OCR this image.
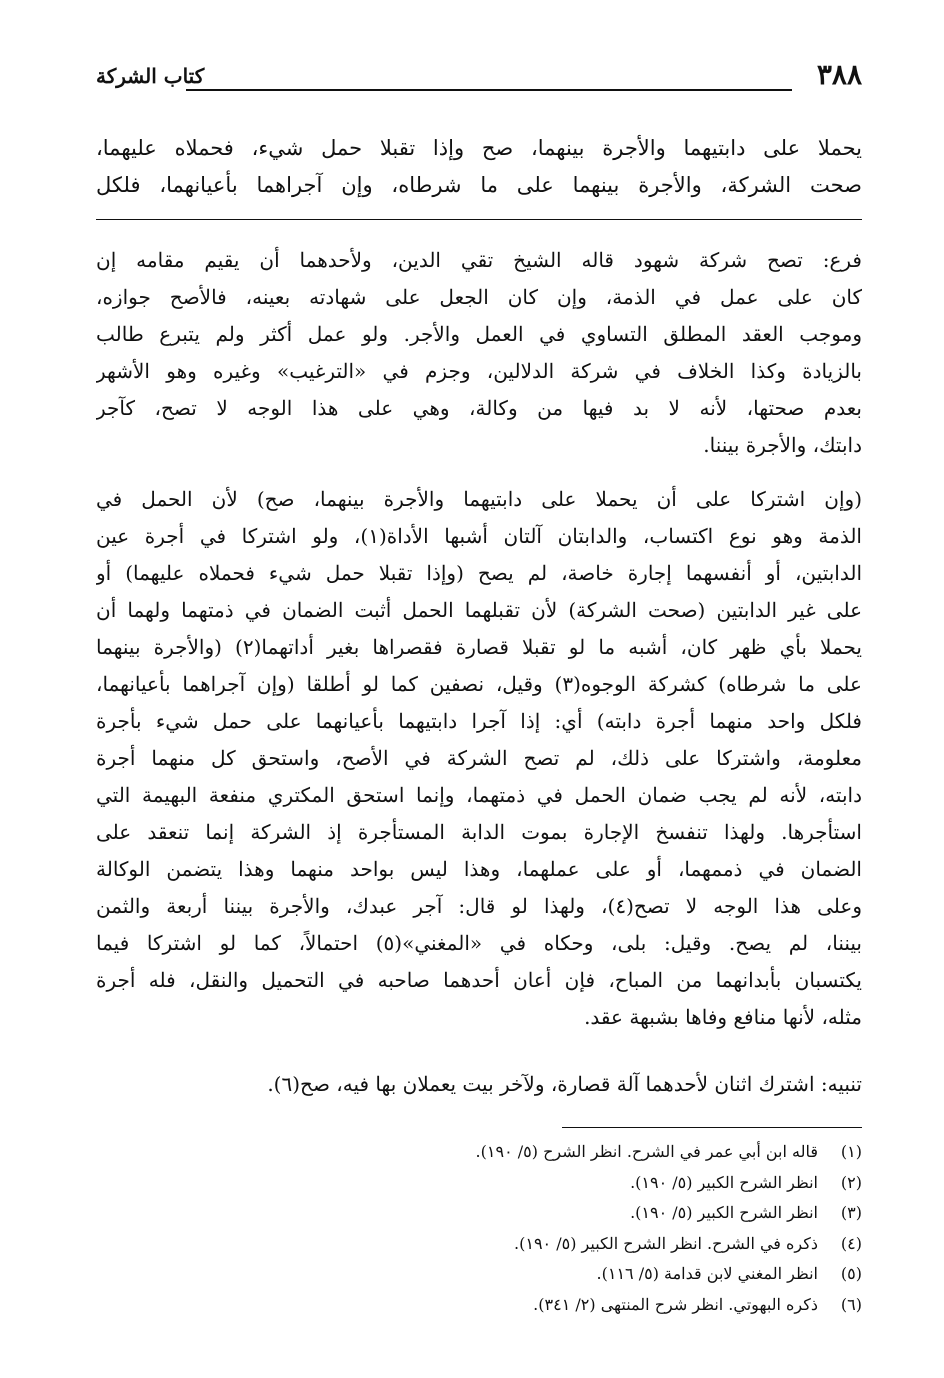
٣٨٨
كتاب الشركة
يحملا على دابتيهما والأجرة بينهما، صح وإذا تقبلا حمل شيء، فحملاه عليهما،
صحت الشركة، والأجرة بينهما على ما شرطاه، وإن آجراهما بأعيانهما، فلكل
فرع: تصح شركة شهود قاله الشيخ تقي الدين، ولأحدهما أن يقيم مقامه إن
كان على عمل في الذمة، وإن كان الجعل على شهادته بعينه، فالأصح جوازه،
وموجب العقد المطلق التساوي في العمل والأجر. ولو عمل أكثر ولم يتبرع طالب
بالزيادة وكذا الخلاف في شركة الدلالين، وجزم في «الترغيب» وغيره وهو الأشهر
بعدم صحتها، لأنه لا بد فيها من وكالة، وهي على هذا الوجه لا تصح، كآجر
دابتك، والأجرة بيننا.
(وإن اشتركا على أن يحملا على دابتيهما والأجرة بينهما، صح) لأن الحمل في
الذمة وهو نوع اكتساب، والدابتان آلتان أشبها الأداة(١)، ولو اشتركا في أجرة عين
الدابتين، أو أنفسهما إجارة خاصة، لم يصح (وإذا تقبلا حمل شيء فحملاه عليهما) أو
على غير الدابتين (صحت الشركة) لأن تقبلهما الحمل أثبت الضمان في ذمتهما ولهما أن
يحملا بأي ظهر كان، أشبه ما لو تقبلا قصارة فقصراها بغير أداتهما(٢) (والأجرة بينهما
على ما شرطاه) كشركة الوجوه(٣) وقيل، نصفين كما لو أطلقا (وإن آجراهما بأعيانهما،
فلكل واحد منهما أجرة دابته) أي: إذا آجرا دابتيهما بأعيانهما على حمل شيء بأجرة
معلومة، واشتركا على ذلك، لم تصح الشركة في الأصح، واستحق كل منهما أجرة
دابته، لأنه لم يجب ضمان الحمل في ذمتهما، وإنما استحق المكتري منفعة البهيمة التي
استأجرها. ولهذا تنفسخ الإجارة بموت الدابة المستأجرة إذ الشركة إنما تنعقد على
الضمان في ذممهما، أو على عملهما، وهذا ليس بواحد منهما وهذا يتضمن الوكالة
وعلى هذا الوجه لا تصح(٤)، ولهذا لو قال: آجر عبدك، والأجرة بيننا أربعة والثمن
بيننا، لم يصح. وقيل: بلى، وحكاه في «المغني»(٥) احتمالاً، كما لو اشتركا فيما
يكتسبان بأبدانهما من المباح، فإن أعان أحدهما صاحبه في التحميل والنقل، فله أجرة
مثله، لأنها منافع وفاها بشبهة عقد.
تنبيه: اشترك اثنان لأحدهما آلة قصارة، ولآخر بيت يعملان بها فيه، صح(٦).
(١)
قاله ابن أبي عمر في الشرح. انظر الشرح (٥/ ١٩٠).
(٢)
انظر الشرح الكبير (٥/ ١٩٠).
(٣)
انظر الشرح الكبير (٥/ ١٩٠).
(٤)
ذكره في الشرح. انظر الشرح الكبير (٥/ ١٩٠).
(٥)
انظر المغني لابن قدامة (٥/ ١١٦).
(٦)
ذكره البهوتي. انظر شرح المنتهى (٢/ ٣٤١).
